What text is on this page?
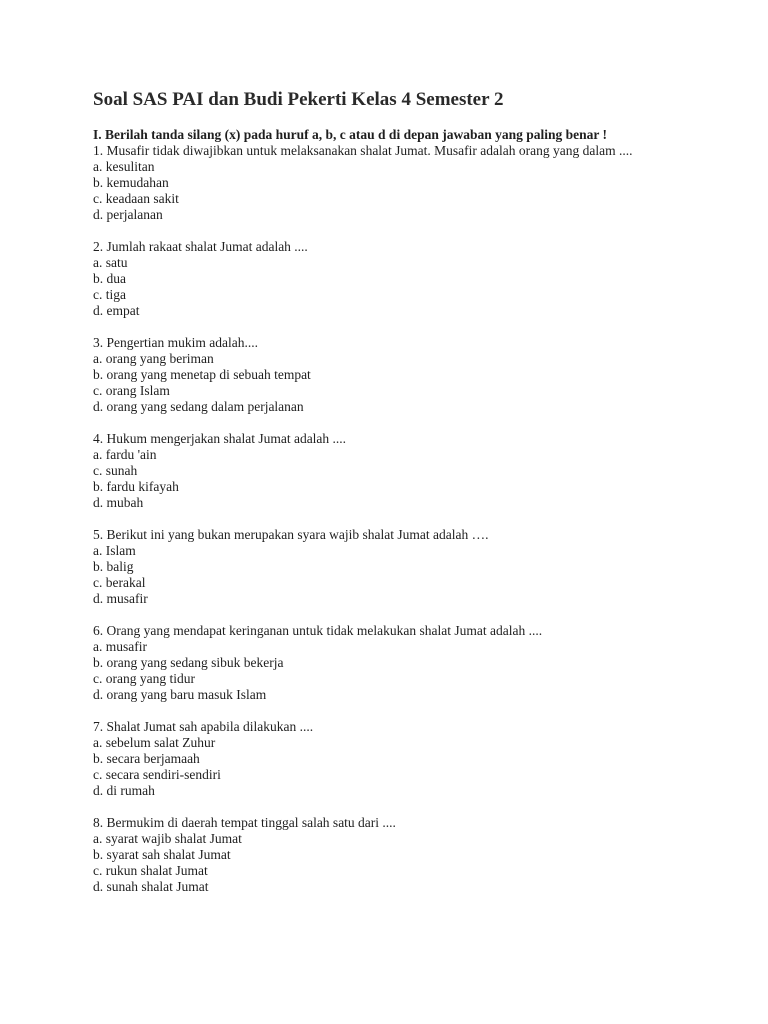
Soal SAS PAI dan Budi Pekerti Kelas 4 Semester 2

I. Berilah tanda silang (x) pada huruf a, b, c atau d di depan jawaban yang paling benar !

1. Musafir tidak diwajibkan untuk melaksanakan shalat Jumat. Musafir adalah orang yang dalam ....

a. kesulitan

b. kemudahan

c. keadaan sakit

d. perjalanan

2. Jumlah rakaat shalat Jumat adalah ....

a. satu

b. dua

c. tiga

d. empat

3. Pengertian mukim adalah....

a. orang yang beriman

b. orang yang menetap di sebuah tempat

c. orang Islam

d. orang yang sedang dalam perjalanan

4. Hukum mengerjakan shalat Jumat adalah ....

a. fardu 'ain

c. sunah

b. fardu kifayah

d. mubah

5. Berikut ini yang bukan merupakan syara wajib shalat Jumat adalah ….

a. Islam

b. balig

c. berakal

d. musafir

6. Orang yang mendapat keringanan untuk tidak melakukan shalat Jumat adalah ....

a. musafir

b. orang yang sedang sibuk bekerja

c. orang yang tidur

d. orang yang baru masuk Islam

7. Shalat Jumat sah apabila dilakukan ....

a. sebelum salat Zuhur

b. secara berjamaah

c. secara sendiri-sendiri

d. di rumah

8. Bermukim di daerah tempat tinggal salah satu dari ....

a. syarat wajib shalat Jumat

b. syarat sah shalat Jumat

c. rukun shalat Jumat

d. sunah shalat Jumat
